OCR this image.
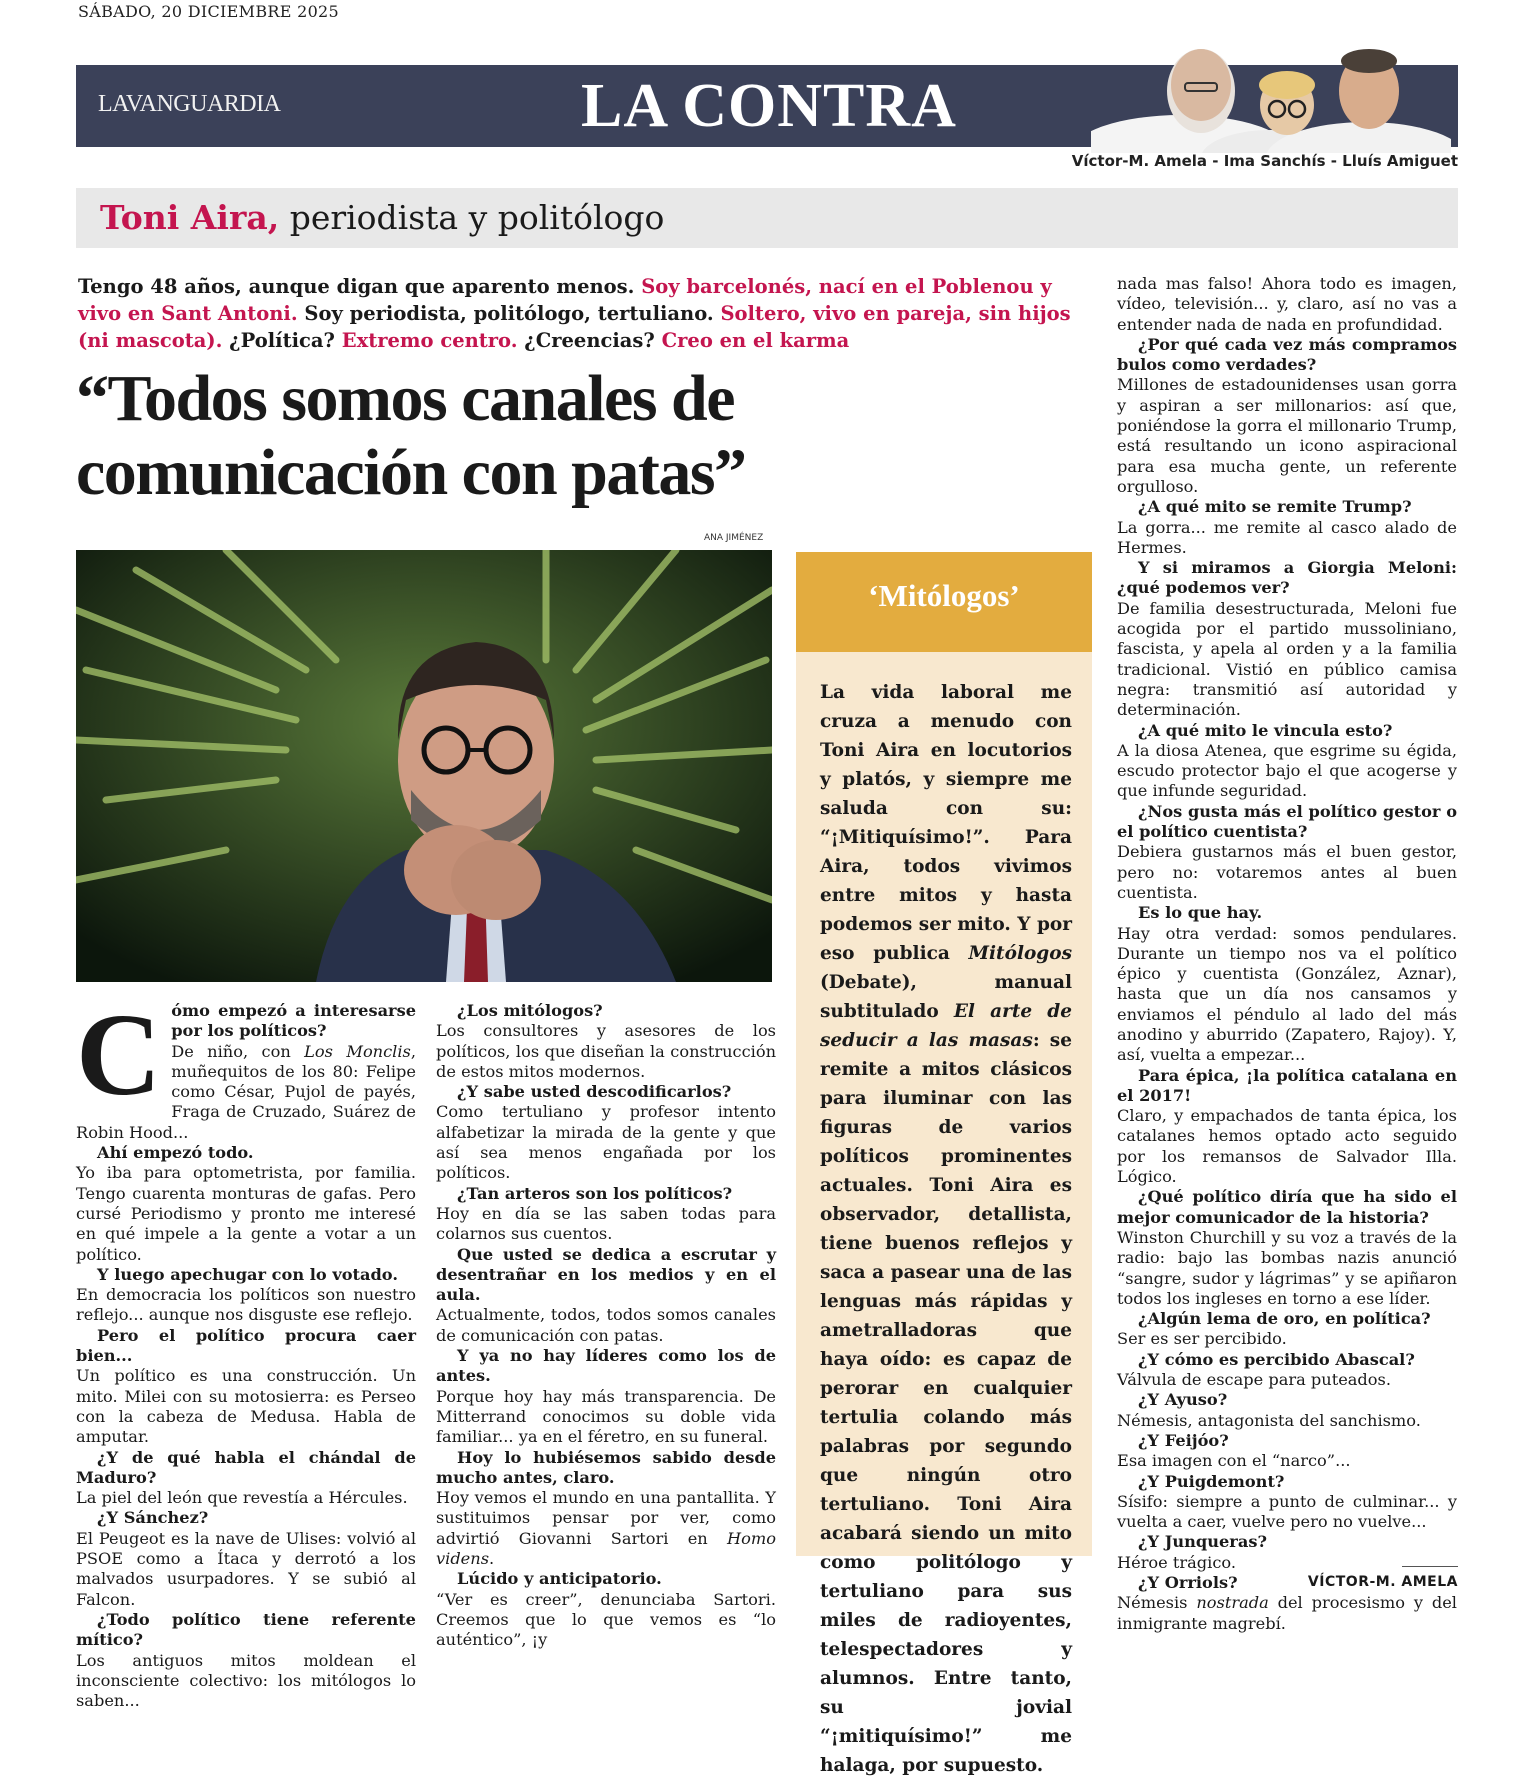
SÁBADO, 20 DICIEMBRE 2025
LAVANGUARDIA	LA CONTRA
Víctor-M. Amela - Ima Sanchís - Lluís Amiguet
Toni Aira, periodista y politólogo
Tengo 48 años, aunque digan que aparento menos. Soy barcelonés, nací en el Poblenou y vivo en Sant Antoni. Soy periodista, politólogo, tertuliano. Soltero, vivo en pareja, sin hijos (ni mascota). ¿Política? Extremo centro. ¿Creencias? Creo en el karma
“Todos somos canales de comunicación con patas”
ANA JIMÉNEZ
‘Mitólogos’
La vida laboral me cruza a menudo con Toni Aira en locutorios y platós, y siempre me saluda con su: “¡Mitiquísimo!”. Para Aira, todos vivimos entre mitos y hasta podemos ser mito. Y por eso publica Mitólogos (Debate), manual subtitulado El arte de seducir a las masas: se remite a mitos clásicos para iluminar con las figuras de varios políticos prominentes actuales. Toni Aira es observador, detallista, tiene buenos reflejos y saca a pasear una de las lenguas más rápidas y ametralladoras que haya oído: es capaz de perorar en cualquier tertulia colando más palabras por segundo que ningún otro tertuliano. Toni Aira acabará siendo un mito como politólogo y tertuliano para sus miles de radioyentes, telespectadores y alumnos. Entre tanto, su jovial “¡mitiquísimo!” me halaga, por supuesto.

Cómo empezó a interesarse por los políticos?

De niño, con Los Monclis, muñequitos de los 80: Felipe como César, Pujol de payés, Fraga de Cruzado, Suárez de Robin Hood...

Ahí empezó todo.

Yo iba para optometrista, por familia. Tengo cuarenta monturas de gafas. Pero cursé Periodismo y pronto me interesé en qué impele a la gente a votar a un político.

Y luego apechugar con lo votado.

En democracia los políticos son nuestro reflejo... aunque nos disguste ese reflejo.

Pero el político procura caer bien...

Un político es una construcción. Un mito. Milei con su motosierra: es Perseo con la cabeza de Medusa. Habla de amputar.

¿Y de qué habla el chándal de Maduro?

La piel del león que revestía a Hércules.

¿Y Sánchez?

El Peugeot es la nave de Ulises: volvió al PSOE como a Ítaca y derrotó a los malvados usurpadores. Y se subió al Falcon.

¿Todo político tiene referente mítico?

Los antiguos mitos moldean el inconsciente colectivo: los mitólogos lo saben...

¿Los mitólogos?

Los consultores y asesores de los políticos, los que diseñan la construcción de estos mitos modernos.

¿Y sabe usted descodificarlos?

Como tertuliano y profesor intento alfabetizar la mirada de la gente y que así sea menos engañada por los políticos.

¿Tan arteros son los políticos?

Hoy en día se las saben todas para colarnos sus cuentos.

Que usted se dedica a escrutar y desentrañar en los medios y en el aula.

Actualmente, todos, todos somos canales de comunicación con patas.

Y ya no hay líderes como los de antes.

Porque hoy hay más transparencia. De Mitterrand conocimos su doble vida familiar... ya en el féretro, en su funeral.

Hoy lo hubiésemos sabido desde mucho antes, claro.

Hoy vemos el mundo en una pantallita. Y sustituimos pensar por ver, como advirtió Giovanni Sartori en Homo videns.

Lúcido y anticipatorio.

“Ver es creer”, denunciaba Sartori. Creemos que lo que vemos es “lo auténtico”, ¡y

nada mas falso! Ahora todo es imagen, vídeo, televisión... y, claro, así no vas a entender nada de nada en profundidad.

¿Por qué cada vez más compramos bulos como verdades?

Millones de estadounidenses usan gorra y aspiran a ser millonarios: así que, poniéndose la gorra el millonario Trump, está resultando un icono aspiracional para esa mucha gente, un referente orgulloso.

¿A qué mito se remite Trump?

La gorra... me remite al casco alado de Hermes.

Y si miramos a Giorgia Meloni: ¿qué podemos ver?

De familia desestructurada, Meloni fue acogida por el partido mussoliniano, fascista, y apela al orden y a la familia tradicional. Vistió en público camisa negra: transmitió así autoridad y determinación.

¿A qué mito le vincula esto?

A la diosa Atenea, que esgrime su égida, escudo protector bajo el que acogerse y que infunde seguridad.

¿Nos gusta más el político gestor o el político cuentista?

Debiera gustarnos más el buen gestor, pero no: votaremos antes al buen cuentista.

Es lo que hay.

Hay otra verdad: somos pendulares. Durante un tiempo nos va el político épico y cuentista (González, Aznar), hasta que un día nos cansamos y enviamos el péndulo al lado del más anodino y aburrido (Zapatero, Rajoy). Y, así, vuelta a empezar...

Para épica, ¡la política catalana en el 2017!

Claro, y empachados de tanta épica, los catalanes hemos optado acto seguido por los remansos de Salvador Illa. Lógico.

¿Qué político diría que ha sido el mejor comunicador de la historia?

Winston Churchill y su voz a través de la radio: bajo las bombas nazis anunció “sangre, sudor y lágrimas” y se apiñaron todos los ingleses en torno a ese líder.

¿Algún lema de oro, en política?

Ser es ser percibido.

¿Y cómo es percibido Abascal?

Válvula de escape para puteados.

¿Y Ayuso?

Némesis, antagonista del sanchismo.

¿Y Feijóo?

Esa imagen con el “narco”...

¿Y Puigdemont?

Sísifo: siempre a punto de culminar... y vuelta a caer, vuelve pero no vuelve...

¿Y Junqueras?

Héroe trágico.

¿Y Orriols?

Némesis nostrada del procesismo y del inmigrante magrebí.

VÍCTOR-M. AMELA
